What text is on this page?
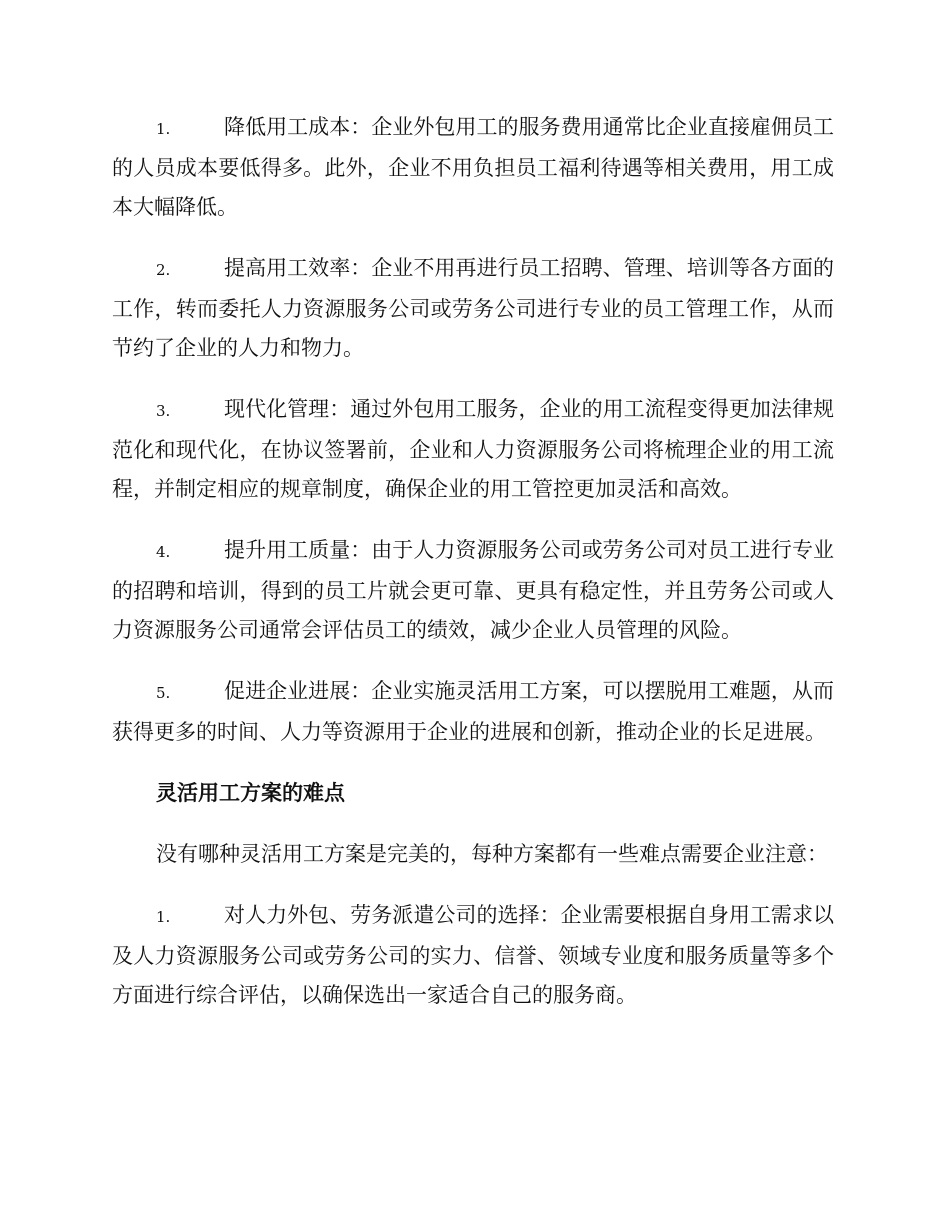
1.	降低用工成本：企业外包用工的服务费用通常比企业直接雇佣员工的人员成本要低得多。此外，企业不用负担员工福利待遇等相关费用，用工成本大幅降低。

2.	提高用工效率：企业不用再进行员工招聘、管理、培训等各方面的工作，转而委托人力资源服务公司或劳务公司进行专业的员工管理工作，从而节约了企业的人力和物力。

3.	现代化管理：通过外包用工服务，企业的用工流程变得更加法律规范化和现代化，在协议签署前，企业和人力资源服务公司将梳理企业的用工流程，并制定相应的规章制度，确保企业的用工管控更加灵活和高效。

4.	提升用工质量：由于人力资源服务公司或劳务公司对员工进行专业的招聘和培训，得到的员工片就会更可靠、更具有稳定性，并且劳务公司或人力资源服务公司通常会评估员工的绩效，减少企业人员管理的风险。

5.	促进企业进展：企业实施灵活用工方案，可以摆脱用工难题，从而获得更多的时间、人力等资源用于企业的进展和创新，推动企业的长足进展。

灵活用工方案的难点

没有哪种灵活用工方案是完美的，每种方案都有一些难点需要企业注意：

1.	对人力外包、劳务派遣公司的选择：企业需要根据自身用工需求以及人力资源服务公司或劳务公司的实力、信誉、领域专业度和服务质量等多个方面进行综合评估，以确保选出一家适合自己的服务商。
